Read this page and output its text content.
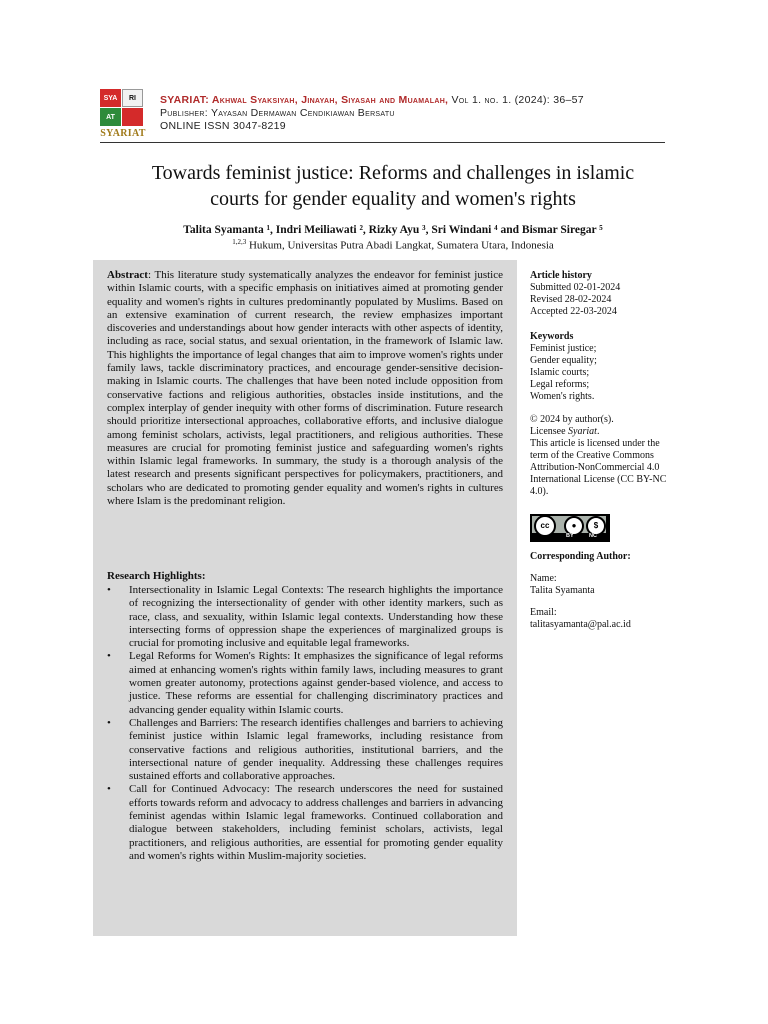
SYA	RI
AT
SYARIAT
SYARIAT: Akhwal Syaksiyah, Jinayah, Siyasah and Muamalah, Vol 1. no. 1. (2024): 36–57
Publisher: Yayasan Dermawan Cendikiawan Bersatu
ONLINE ISSN 3047-8219
Towards feminist justice: Reforms and challenges in islamic
courts for gender equality and women's rights
Talita Syamanta ¹, Indri Meiliawati ², Rizky Ayu ³, Sri Windani ⁴ and Bismar Siregar ⁵
$^{1,2,3}$ Hukum, Universitas Putra Abadi Langkat, Sumatera Utara, Indonesia
Abstract: This literature study systematically analyzes the endeavor for feminist justice within Islamic courts, with a specific emphasis on initiatives aimed at promoting gender equality and women's rights in cultures predominantly populated by Muslims. Based on an extensive examination of current research, the review emphasizes important discoveries and understandings about how gender interacts with other aspects of identity, including as race, social status, and sexual orientation, in the framework of Islamic law. This highlights the importance of legal changes that aim to improve women's rights under family laws, tackle discriminatory practices, and encourage gender-sensitive decision-making in Islamic courts. The challenges that have been noted include opposition from conservative factions and religious authorities, obstacles inside institutions, and the complex interplay of gender inequity with other forms of discrimination. Future research should prioritize intersectional approaches, collaborative efforts, and inclusive dialogue among feminist scholars, activists, legal practitioners, and religious authorities. These measures are crucial for promoting feminist justice and safeguarding women's rights within Islamic legal frameworks. In summary, the study is a thorough analysis of the latest research and presents significant perspectives for policymakers, practitioners, and scholars who are dedicated to promoting gender equality and women's rights in cultures where Islam is the predominant religion.
Research Highlights:
• Intersectionality in Islamic Legal Contexts: The research highlights the importance of recognizing the intersectionality of gender with other identity markers, such as race, class, and sexuality, within Islamic legal contexts. Understanding how these intersecting forms of oppression shape the experiences of marginalized groups is crucial for promoting inclusive and equitable legal frameworks.
• Legal Reforms for Women's Rights: It emphasizes the significance of legal reforms aimed at enhancing women's rights within family laws, including measures to grant women greater autonomy, protections against gender-based violence, and access to justice. These reforms are essential for challenging discriminatory practices and advancing gender equality within Islamic courts.
• Challenges and Barriers: The research identifies challenges and barriers to achieving feminist justice within Islamic legal frameworks, including resistance from conservative factions and religious authorities, institutional barriers, and the intersectional nature of gender inequality. Addressing these challenges requires sustained efforts and collaborative approaches.
• Call for Continued Advocacy: The research underscores the need for sustained efforts towards reform and advocacy to address challenges and barriers in advancing feminist agendas within Islamic legal frameworks. Continued collaboration and dialogue between stakeholders, including feminist scholars, activists, legal practitioners, and religious authorities, are essential for promoting gender equality and women's rights within Muslim-majority societies.
Article history
Submitted 02-01-2024
Revised 28-02-2024
Accepted 22-03-2024
Keywords
Feminist justice;
Gender equality;
Islamic courts;
Legal reforms;
Women's rights.
© 2024 by author(s).
Licensee Syariat.
This article is licensed under the term of the Creative Commons Attribution-NonCommercial 4.0 International License (CC BY-NC 4.0).
cc	●	$
BY	NC
Corresponding Author:
Name:
Talita Syamanta
Email:
talitasyamanta@pal.ac.id
